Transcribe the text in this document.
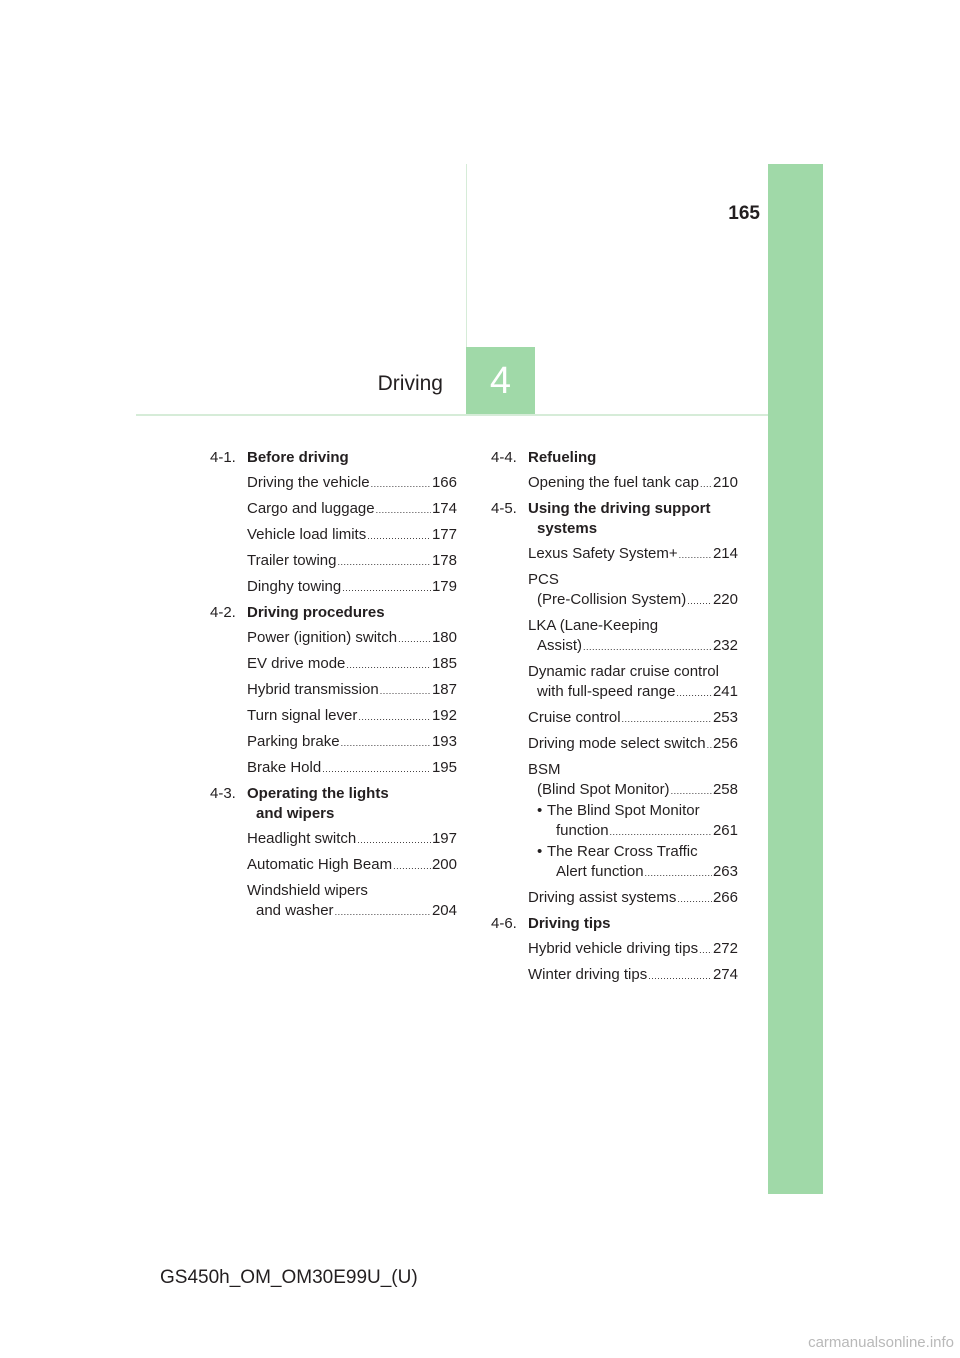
165
Driving	4
4-1. Before driving
Driving the vehicle .....	166
Cargo and luggage .....	174
Vehicle load limits .....	177
Trailer towing .....	178
Dinghy towing .....	179
4-2. Driving procedures
Power (ignition) switch ..... 180
EV drive mode .....	185
Hybrid transmission .....	187
Turn signal lever .....	192
Parking brake .....	193
Brake Hold .....	195
4-3. Operating the lights
and wipers
Headlight switch .....	197
Automatic High Beam .....	200
Windshield wipers
and washer .....	204
4-4. Refueling
Opening the fuel tank cap ..... 210
4-5. Using the driving support
systems
Lexus Safety System+ ..... 214
PCS
(Pre-Collision System) ..... 220
LKA (Lane-Keeping
Assist) .....	232
Dynamic radar cruise control
with full-speed range .....	241
Cruise control .....	253
Driving mode select switch ..... 256
BSM
(Blind Spot Monitor) .....	258
• The Blind Spot Monitor
function .....	261
• The Rear Cross Traffic
Alert function .....	263
Driving assist systems ..... 266
4-6. Driving tips
Hybrid vehicle driving tips ..... 272
Winter driving tips .....	274
GS450h_OM_OM30E99U_(U)
carmanualsonline.info
